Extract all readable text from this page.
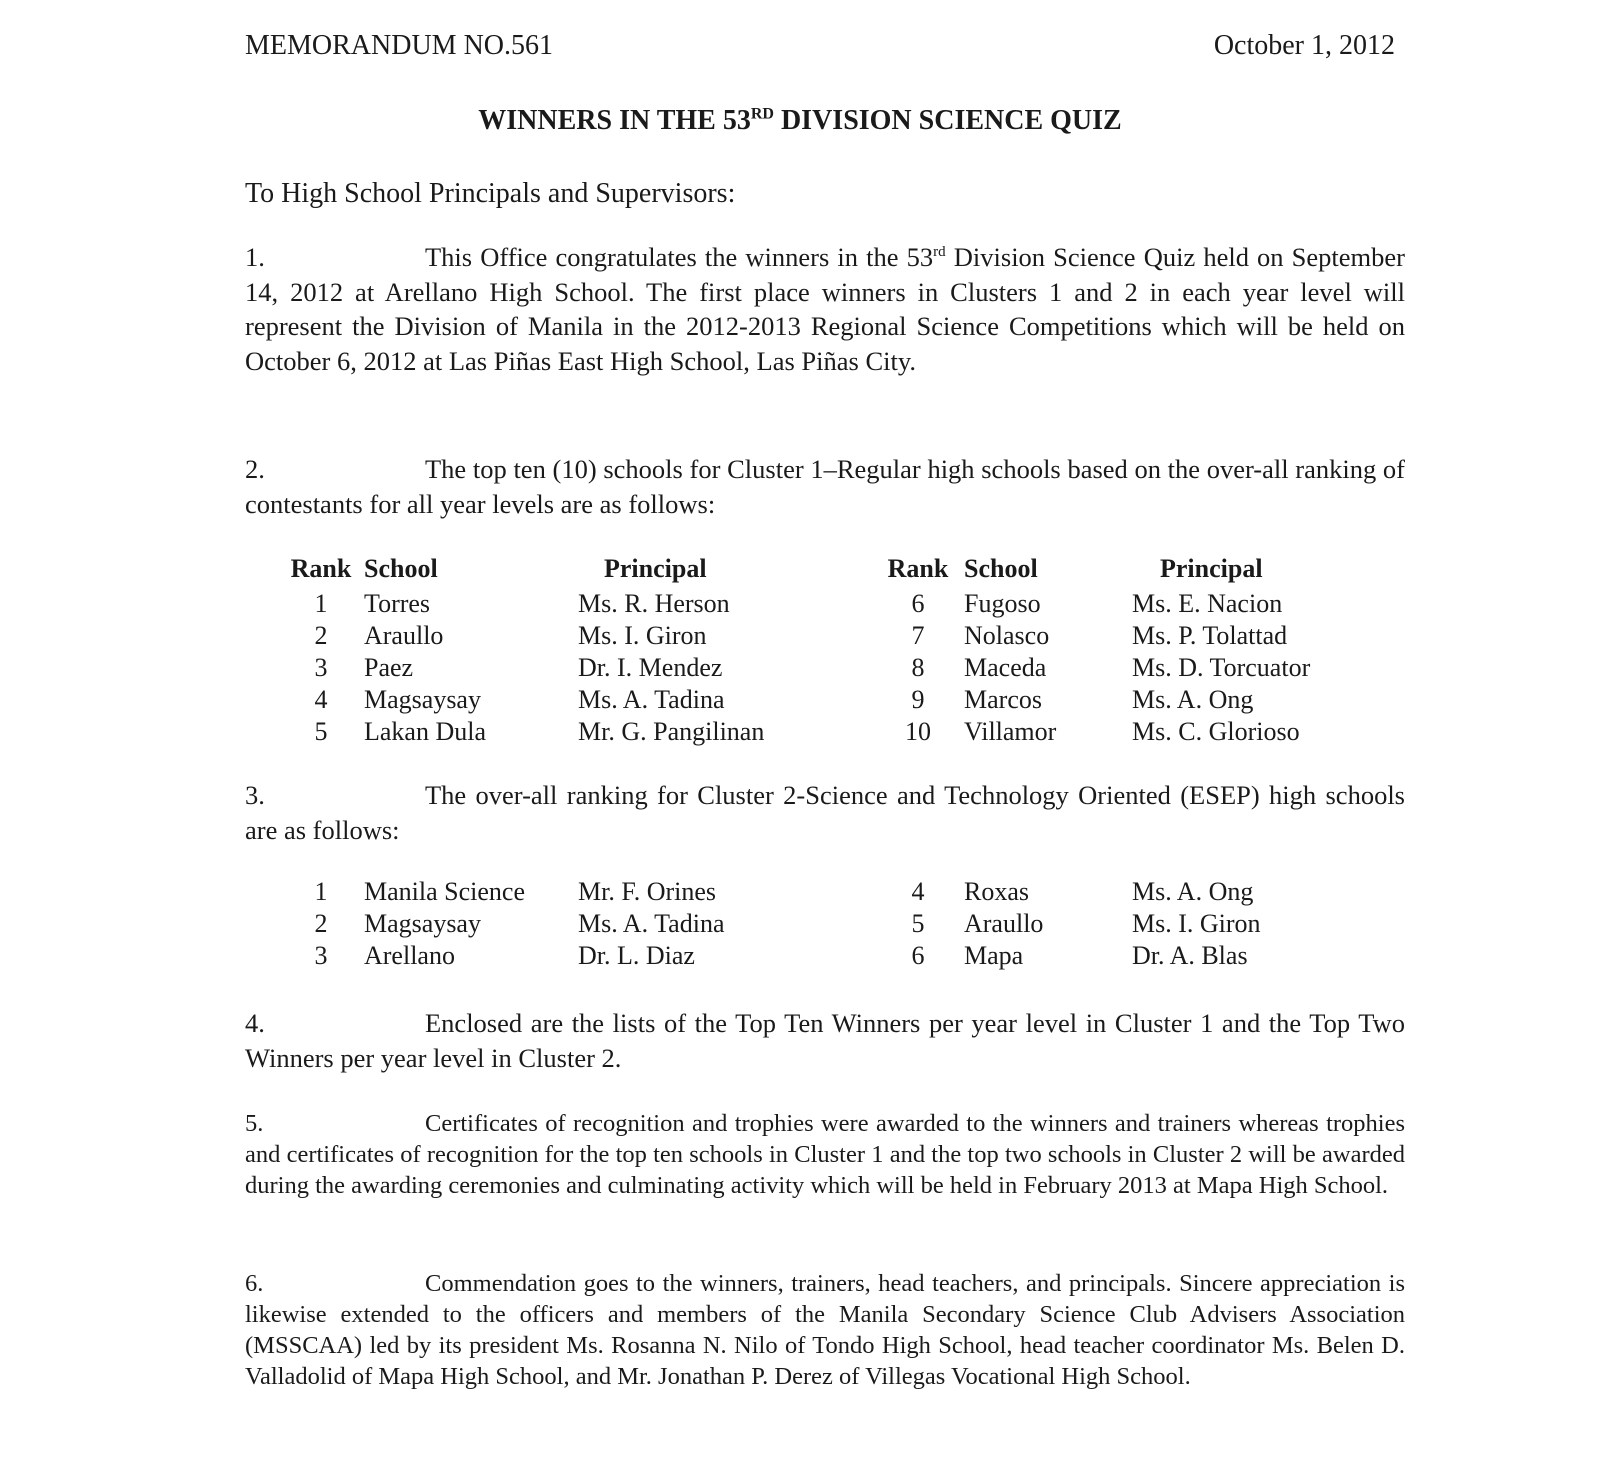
MEMORANDUM NO.561	October 1, 2012
WINNERS IN THE 53RD DIVISION SCIENCE QUIZ
To High School Principals and Supervisors:
1.	This Office congratulates the winners in the 53rd Division Science Quiz held on September 14, 2012 at Arellano High School. The first place winners in Clusters 1 and 2 in each year level will represent the Division of Manila in the 2012-2013 Regional Science Competitions which will be held on October 6, 2012 at Las Piñas East High School, Las Piñas City.
2.	The top ten (10) schools for Cluster 1–Regular high schools based on the over-all ranking of contestants for all year levels are as follows:
Rank	School	Principal	Rank	School	Principal
1	Torres	Ms. R. Herson	6	Fugoso	Ms. E. Nacion
2	Araullo	Ms. I. Giron	7	Nolasco	Ms. P. Tolattad
3	Paez	Dr. I. Mendez	8	Maceda	Ms. D. Torcuator
4	Magsaysay	Ms. A. Tadina	9	Marcos	Ms. A. Ong
5	Lakan Dula	Mr. G. Pangilinan	10	Villamor	Ms. C. Glorioso
3.	The over-all ranking for Cluster 2-Science and Technology Oriented (ESEP) high schools are as follows:
1	Manila Science	Mr. F. Orines	4	Roxas	Ms. A. Ong
2	Magsaysay	Ms. A. Tadina	5	Araullo	Ms. I. Giron
3	Arellano	Dr. L. Diaz	6	Mapa	Dr. A. Blas
4.	Enclosed are the lists of the Top Ten Winners per year level in Cluster 1 and the Top Two Winners per year level in Cluster 2.
5.	Certificates of recognition and trophies were awarded to the winners and trainers whereas trophies and certificates of recognition for the top ten schools in Cluster 1 and the top two schools in Cluster 2 will be awarded during the awarding ceremonies and culminating activity which will be held in February 2013 at Mapa High School.
6.	Commendation goes to the winners, trainers, head teachers, and principals. Sincere appreciation is likewise extended to the officers and members of the Manila Secondary Science Club Advisers Association (MSSCAA) led by its president Ms. Rosanna N. Nilo of Tondo High School, head teacher coordinator Ms. Belen D. Valladolid of Mapa High School, and Mr. Jonathan P. Derez of Villegas Vocational High School.
